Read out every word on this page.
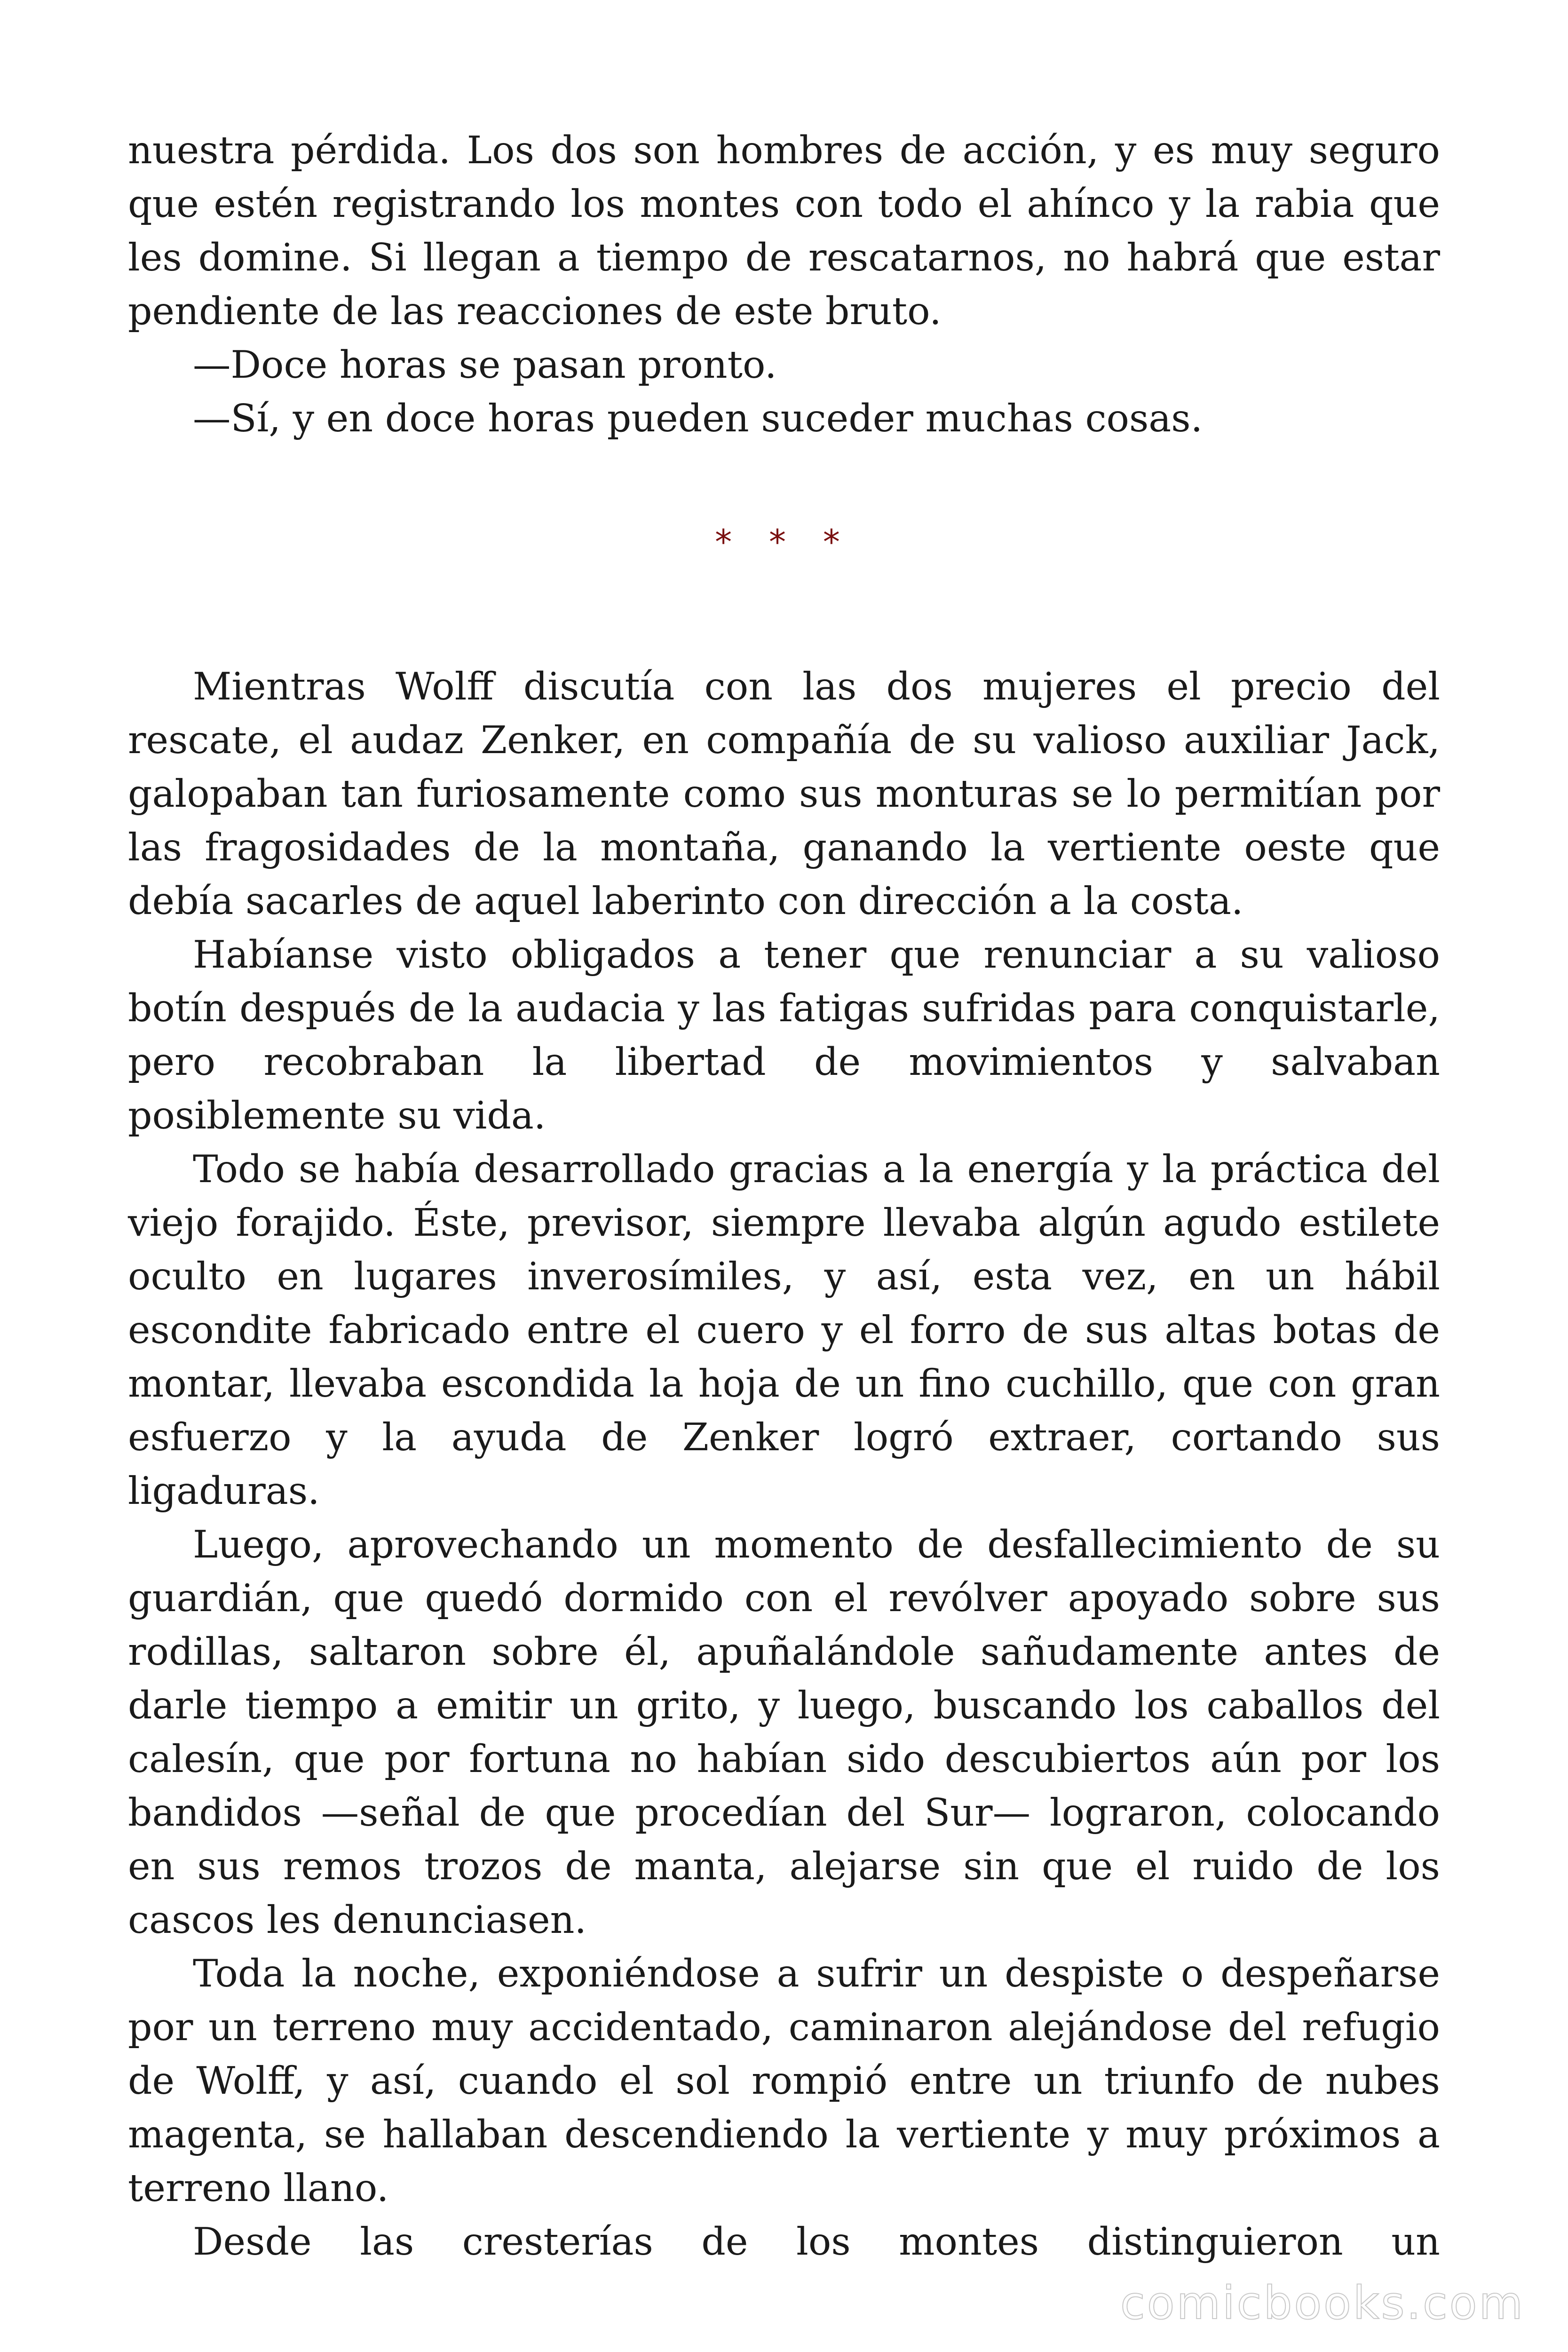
nuestra pérdida. Los dos son hombres de acción, y es muy seguro que estén registrando los montes con todo el ahínco y la rabia que les domine. Si llegan a tiempo de rescatarnos, no habrá que estar pendiente de las reacciones de este bruto.

—Doce horas se pasan pronto.

—Sí, y en doce horas pueden suceder muchas cosas.

* * *

Mientras Wolff discutía con las dos mujeres el precio del rescate, el audaz Zenker, en compañía de su valioso auxiliar Jack, galopaban tan furiosamente como sus monturas se lo permitían por las fragosidades de la montaña, ganando la vertiente oeste que debía sacarles de aquel laberinto con dirección a la costa.

Habíanse visto obligados a tener que renunciar a su valioso botín después de la audacia y las fatigas sufridas para conquistarle, pero recobraban la libertad de movimientos y salvaban posiblemente su vida.

Todo se había desarrollado gracias a la energía y la práctica del viejo forajido. Éste, previsor, siempre llevaba algún agudo estilete oculto en lugares inverosímiles, y así, esta vez, en un hábil escondite fabricado entre el cuero y el forro de sus altas botas de montar, llevaba escondida la hoja de un fino cuchillo, que con gran esfuerzo y la ayuda de Zenker logró extraer, cortando sus ligaduras.

Luego, aprovechando un momento de desfallecimiento de su guardián, que quedó dormido con el revólver apoyado sobre sus rodillas, saltaron sobre él, apuñalándole sañudamente antes de darle tiempo a emitir un grito, y luego, buscando los caballos del calesín, que por fortuna no habían sido descubiertos aún por los bandidos —señal de que procedían del Sur— lograron, colocando en sus remos trozos de manta, alejarse sin que el ruido de los cascos les denunciasen.

Toda la noche, exponiéndose a sufrir un despiste o despeñarse por un terreno muy accidentado, caminaron alejándose del refugio de Wolff, y así, cuando el sol rompió entre un triunfo de nubes magenta, se hallaban descendiendo la vertiente y muy próximos a terreno llano.

Desde las cresterías de los montes distinguieron un

comicbooks.com
